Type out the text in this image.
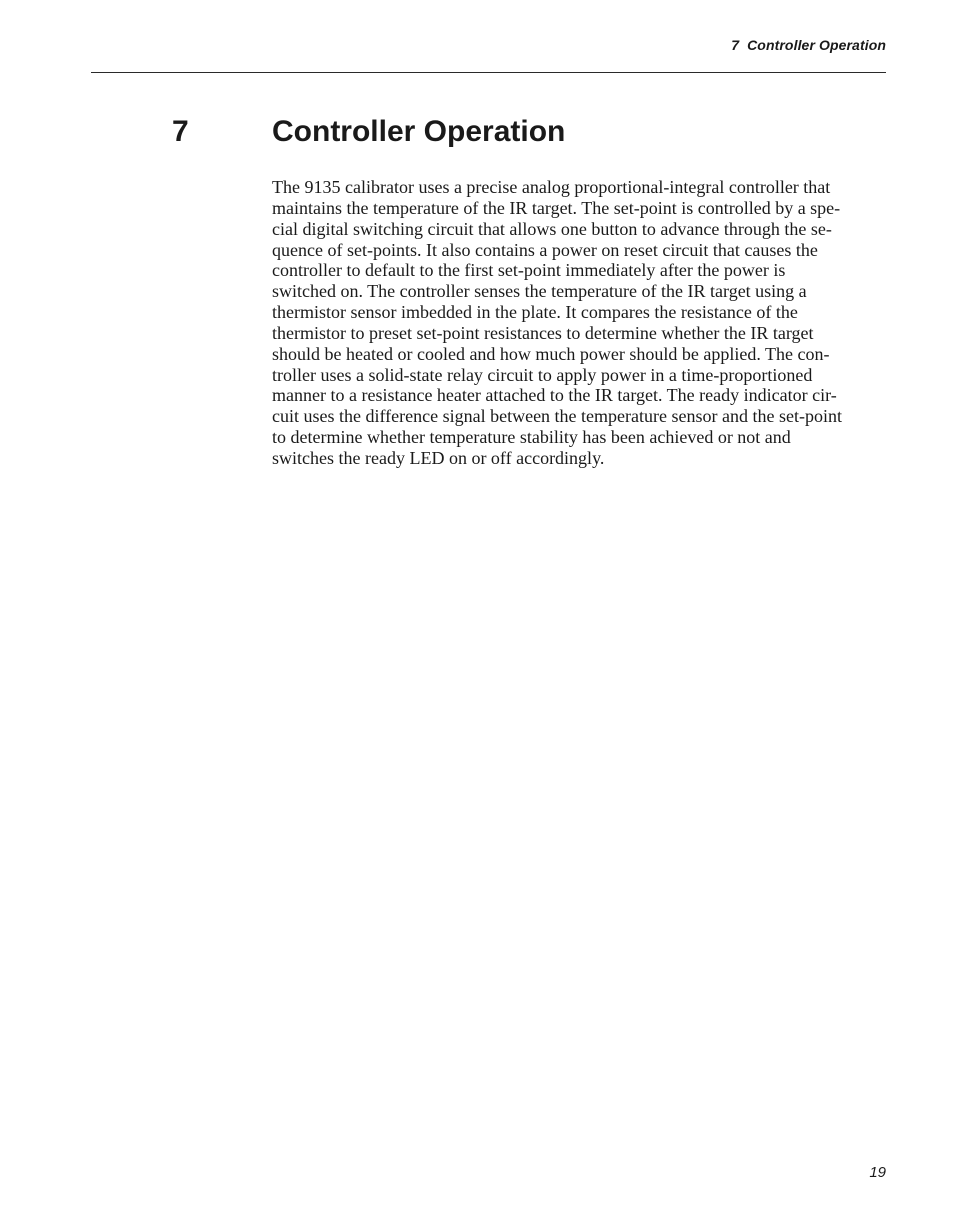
7  Controller Operation
7	Controller Operation
The 9135 calibrator uses a precise analog proportional-integral controller that
maintains the temperature of the IR target. The set-point is controlled by a spe-
cial digital switching circuit that allows one button to advance through the se-
quence of set-points. It also contains a power on reset circuit that causes the
controller to default to the first set-point immediately after the power is
switched on. The controller senses the temperature of the IR target using a
thermistor sensor imbedded in the plate. It compares the resistance of the
thermistor to preset set-point resistances to determine whether the IR target
should be heated or cooled and how much power should be applied. The con-
troller uses a solid-state relay circuit to apply power in a time-proportioned
manner to a resistance heater attached to the IR target. The ready indicator cir-
cuit uses the difference signal between the temperature sensor and the set-point
to determine whether temperature stability has been achieved or not and
switches the ready LED on or off accordingly.
19
